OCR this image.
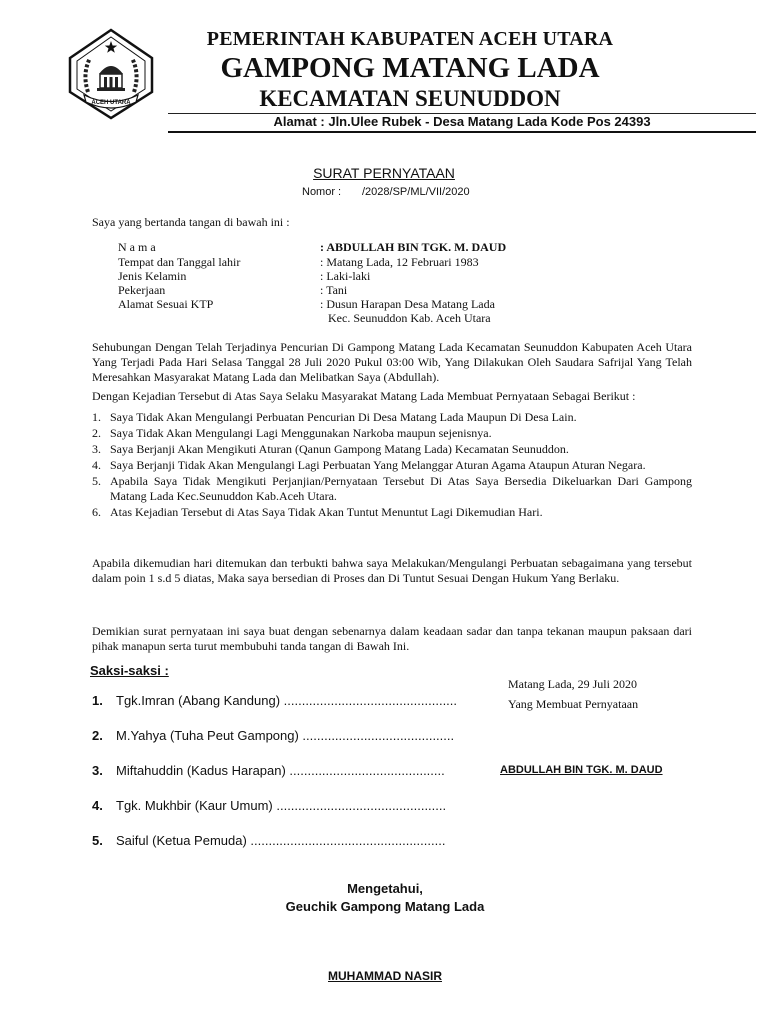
ACEH UTARA
PEMERINTAH KABUPATEN ACEH UTARA
GAMPONG MATANG LADA
KECAMATAN SEUNUDDON
Alamat : Jln.Ulee Rubek - Desa Matang Lada Kode Pos 24393
SURAT PERNYATAAN
Nomor : /2028/SP/ML/VII/2020
Saya yang bertanda tangan di bawah ini :
N a m a	: ABDULLAH BIN TGK. M. DAUD
Tempat dan Tanggal lahir	: Matang Lada, 12 Februari 1983
Jenis Kelamin	: Laki-laki
Pekerjaan	: Tani
Alamat Sesuai KTP	: Dusun Harapan Desa Matang Lada
Kec. Seunuddon Kab. Aceh Utara
Sehubungan Dengan Telah Terjadinya Pencurian Di Gampong Matang Lada Kecamatan Seunuddon Kabupaten Aceh Utara Yang Terjadi Pada Hari Selasa Tanggal 28 Juli 2020 Pukul 03:00 Wib, Yang Dilakukan Oleh Saudara Safrijal Yang Telah Meresahkan Masyarakat Matang Lada dan Melibatkan Saya (Abdullah).
Dengan Kejadian Tersebut di Atas Saya Selaku Masyarakat Matang Lada Membuat Pernyataan Sebagai Berikut :
1. Saya Tidak Akan Mengulangi Perbuatan Pencurian Di Desa Matang Lada Maupun Di Desa Lain.
2. Saya Tidak Akan Mengulangi Lagi Menggunakan Narkoba maupun sejenisnya.
3. Saya Berjanji Akan Mengikuti Aturan (Qanun Gampong Matang Lada) Kecamatan Seunuddon.
4. Saya Berjanji Tidak Akan Mengulangi Lagi Perbuatan Yang Melanggar Aturan Agama Ataupun Aturan Negara.
5. Apabila Saya Tidak Mengikuti Perjanjian/Pernyataan Tersebut Di Atas Saya Bersedia Dikeluarkan Dari Gampong Matang Lada Kec.Seunuddon Kab.Aceh Utara.
6. Atas Kejadian Tersebut di Atas Saya Tidak Akan Tuntut Menuntut Lagi Dikemudian Hari.
Apabila dikemudian hari ditemukan dan terbukti bahwa saya Melakukan/Mengulangi Perbuatan sebagaimana yang tersebut dalam poin 1 s.d 5 diatas, Maka saya bersedian di Proses dan Di Tuntut Sesuai Dengan Hukum Yang Berlaku.
Demikian surat pernyataan ini saya buat dengan sebenarnya dalam keadaan sadar dan tanpa tekanan maupun paksaan dari pihak manapun serta turut membubuhi tanda tangan di Bawah Ini.
Saksi-saksi :
1. Tgk.Imran (Abang Kandung) ................................................
2. M.Yahya (Tuha Peut Gampong) ..........................................
3. Miftahuddin (Kadus Harapan) ...........................................
4. Tgk. Mukhbir (Kaur Umum) ...............................................
5. Saiful (Ketua Pemuda) ......................................................
Matang Lada, 29 Juli 2020
Yang Membuat Pernyataan
ABDULLAH BIN TGK. M. DAUD
Mengetahui,
Geuchik Gampong Matang Lada
MUHAMMAD NASIR
